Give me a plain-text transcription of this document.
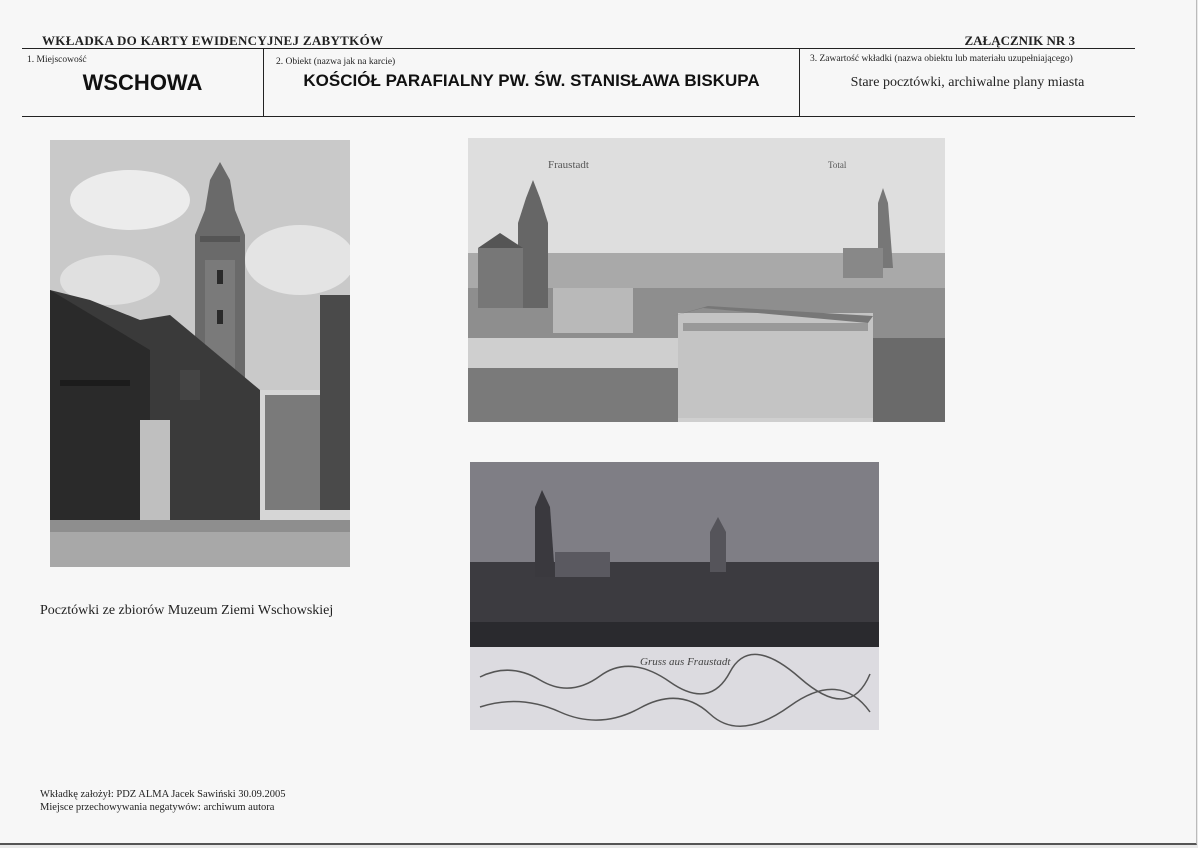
WKŁADKA DO KARTY EWIDENCYJNEJ ZABYTKÓW	ZAŁĄCZNIK NR 3
1. Miejscowość
WSCHOWA
2. Obiekt (nazwa jak na karcie)
KOŚCIÓŁ PARAFIALNY PW. ŚW. STANISŁAWA BISKUPA
3. Zawartość wkładki (nazwa obiektu lub materiału uzupełniającego)
Stare pocztówki, archiwalne plany miasta
Fraustadt	Total
Gruss aus Fraustadt
Pocztówki ze zbiorów Muzeum Ziemi Wschowskiej
Wkładkę założył: PDZ ALMA Jacek Sawiński 30.09.2005
Miejsce przechowywania negatywów: archiwum autora
